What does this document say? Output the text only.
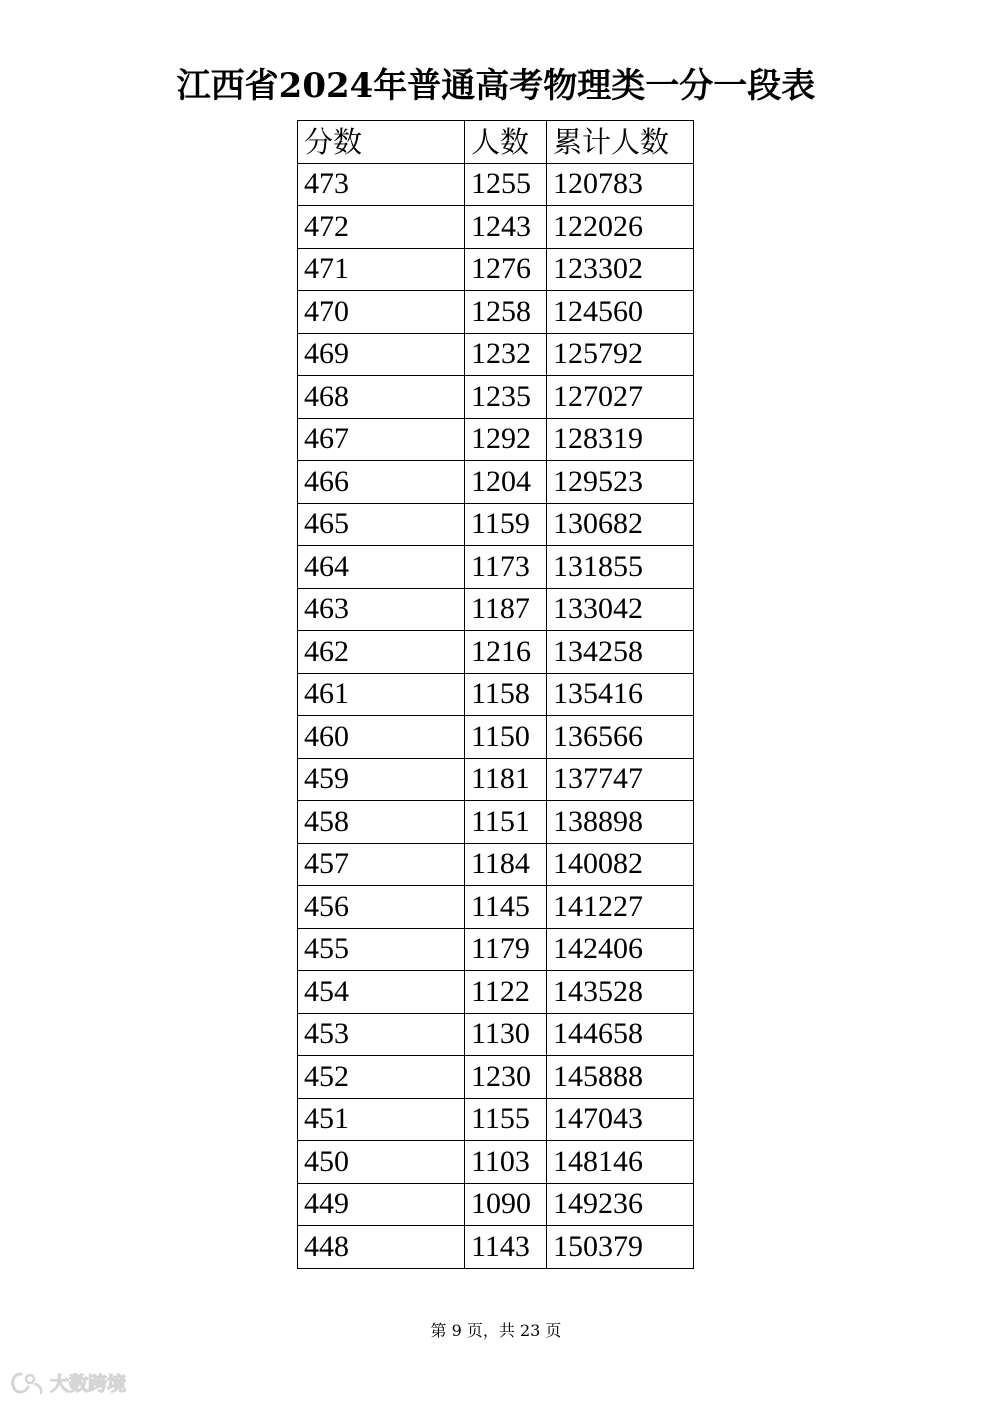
江西省2024年普通高考物理类一分一段表
分数	人数	累计人数
473	1255	120783
472	1243	122026
471	1276	123302
470	1258	124560
469	1232	125792
468	1235	127027
467	1292	128319
466	1204	129523
465	1159	130682
464	1173	131855
463	1187	133042
462	1216	134258
461	1158	135416
460	1150	136566
459	1181	137747
458	1151	138898
457	1184	140082
456	1145	141227
455	1179	142406
454	1122	143528
453	1130	144658
452	1230	145888
451	1155	147043
450	1103	148146
449	1090	149236
448	1143	150379
第 9 页，共 23 页
大数跨境
